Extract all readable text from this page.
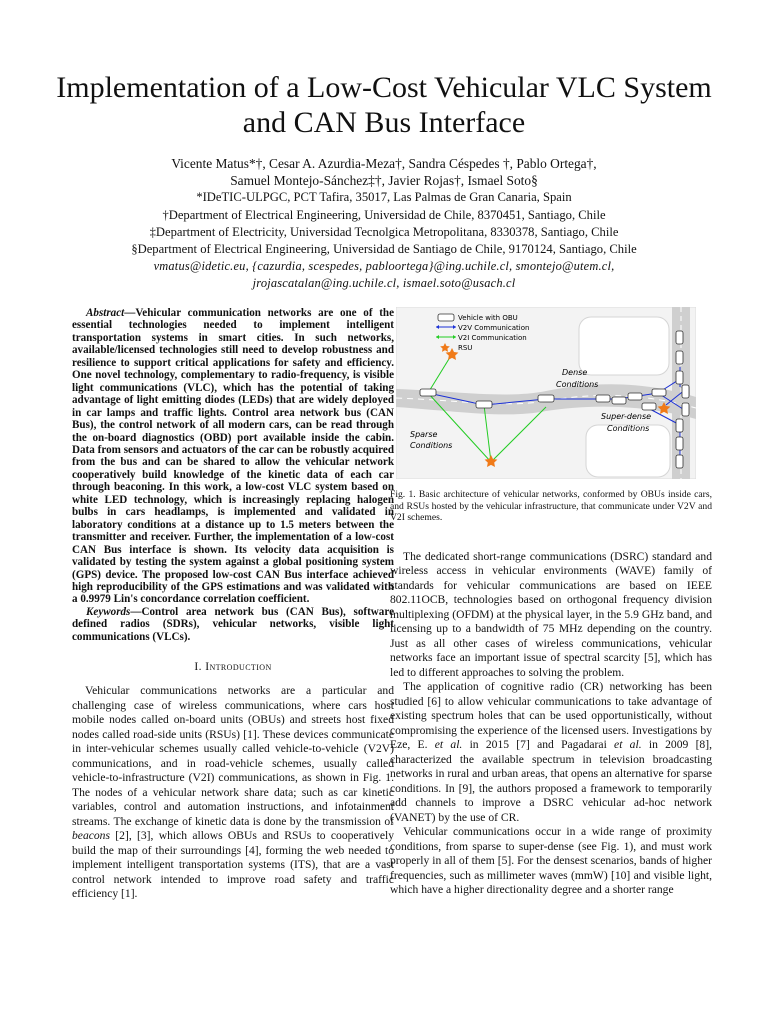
Implementation of a Low-Cost Vehicular VLC System and CAN Bus Interface
Vicente Matus*†, Cesar A. Azurdia-Meza†, Sandra Céspedes †, Pablo Ortega†,
Samuel Montejo-Sánchez‡†, Javier Rojas†, Ismael Soto§
*IDeTIC-ULPGC, PCT Tafira, 35017, Las Palmas de Gran Canaria, Spain
†Department of Electrical Engineering, Universidad de Chile, 8370451, Santiago, Chile
‡Department of Electricity, Universidad Tecnolgica Metropolitana, 8330378, Santiago, Chile
§Department of Electrical Engineering, Universidad de Santiago de Chile, 9170124, Santiago, Chile
vmatus@idetic.eu, {cazurdia, scespedes, pabloortega}@ing.uchile.cl, smontejo@utem.cl,
jrojascatalan@ing.uchile.cl, ismael.soto@usach.cl

Abstract—Vehicular communication networks are one of the essential technologies needed to implement intelligent transportation systems in smart cities. In such networks, available/licensed technologies still need to develop robustness and resilience to support critical applications for safety and efficiency. One novel technology, complementary to radio-frequency, is visible light communications (VLC), which has the potential of taking advantage of light emitting diodes (LEDs) that are widely deployed in car lamps and traffic lights. Control area network bus (CAN Bus), the control network of all modern cars, can be read through the on-board diagnostics (OBD) port available inside the cabin. Data from sensors and actuators of the car can be robustly acquired from the bus and can be shared to allow the vehicular network cooperatively build knowledge of the kinetic data of each car through beaconing. In this work, a low-cost VLC system based on white LED technology, which is increasingly replacing halogen bulbs in cars headlamps, is implemented and validated in laboratory conditions at a distance up to 1.5 meters between the transmitter and receiver. Further, the implementation of a low-cost CAN Bus interface is shown. Its velocity data acquisition is validated by testing the system against a global positioning system (GPS) device. The proposed low-cost CAN Bus interface achieved high reproducibility of the GPS estimations and was validated with a 0.9979 Lin's concordance correlation coefficient.

Keywords—Control area network bus (CAN Bus), software defined radios (SDRs), vehicular networks, visible light communications (VLCs).

I. Introduction

Vehicular communications networks are a particular and challenging case of wireless communications, where cars host mobile nodes called on-board units (OBUs) and streets host fixed nodes called road-side units (RSUs) [1]. These devices communicate in inter-vehicular schemes usually called vehicle-to-vehicle (V2V) communications, and in road-vehicle schemes, usually called vehicle-to-infrastructure (V2I) communications, as shown in Fig. 1. The nodes of a vehicular network share data; such as car kinetic variables, control and automation instructions, and infotainment streams. The exchange of kinetic data is done by the transmission of beacons [2], [3], which allows OBUs and RSUs to cooperatively build the map of their surroundings [4], forming the web needed to implement intelligent transportation systems (ITS), that are a vast control network intended to improve road safety and traffic efficiency [1].

Vehicle with OBU
V2V Communication
V2I Communication
RSU
Dense
Conditions
Sparse
Conditions
Super-dense
Conditions

Fig. 1. Basic architecture of vehicular networks, conformed by OBUs inside cars, and RSUs hosted by the vehicular infrastructure, that communicate under V2V and V2I schemes.

The dedicated short-range communications (DSRC) standard and wireless access in vehicular environments (WAVE) family of standards for vehicular communications are based on IEEE 802.11OCB, technologies based on orthogonal frequency division multiplexing (OFDM) at the physical layer, in the 5.9 GHz band, and licensing up to a bandwidth of 75 MHz depending on the country. Just as all other cases of wireless communications, vehicular networks face an important issue of spectral scarcity [5], which has led to different approaches to solving the problem.

The application of cognitive radio (CR) networking has been studied [6] to allow vehicular communications to take advantage of existing spectrum holes that can be used opportunistically, without compromising the experience of the licensed users. Investigations by Eze, E. et al. in 2015 [7] and Pagadarai et al. in 2009 [8], characterized the available spectrum in television broadcasting networks in rural and urban areas, that opens an alternative for sparse conditions. In [9], the authors proposed a framework to temporarily add channels to improve a DSRC vehicular ad-hoc network (VANET) by the use of CR.

Vehicular communications occur in a wide range of proximity conditions, from sparse to super-dense (see Fig. 1), and must work properly in all of them [5]. For the densest scenarios, bands of higher frequencies, such as millimeter waves (mmW) [10] and visible light, which have a higher directionality degree and a shorter range
